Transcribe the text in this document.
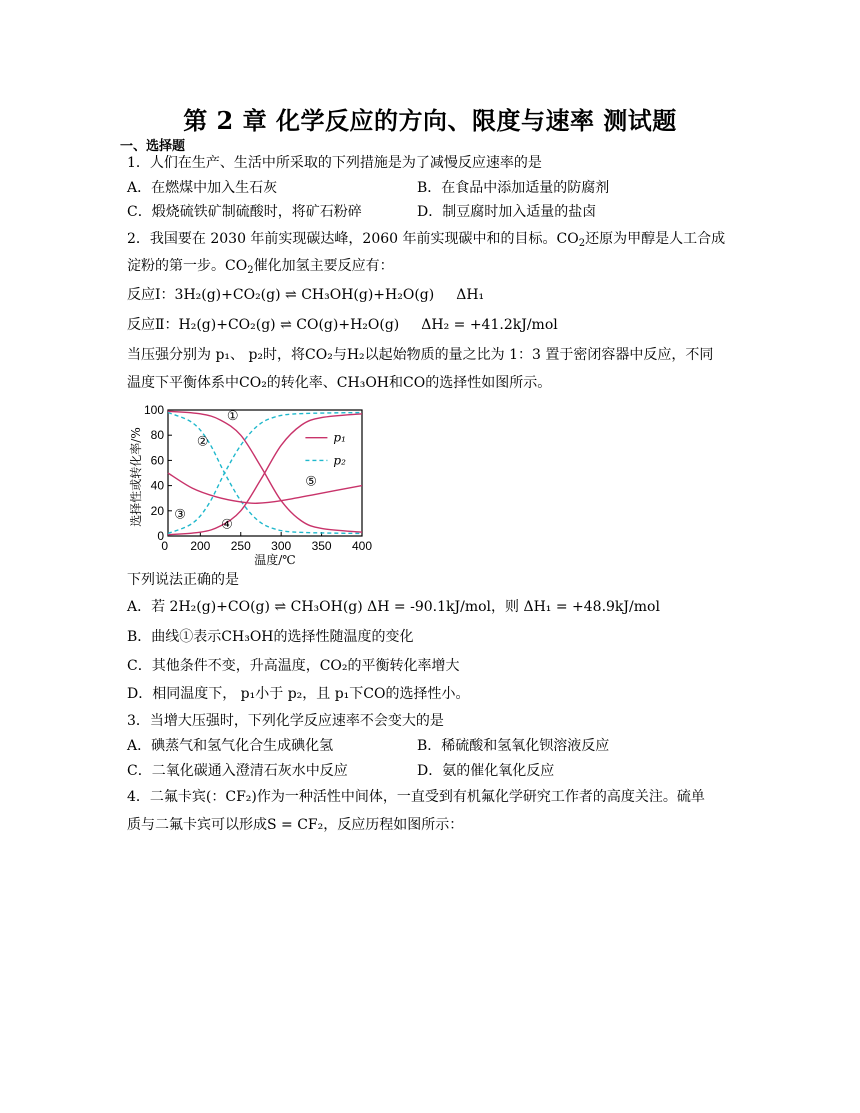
第 2 章 化学反应的方向、限度与速率 测试题
一、选择题
1．人们在生产、生活中所采取的下列措施是为了减慢反应速率的是
A．在燃煤中加入生石灰	B．在食品中添加适量的防腐剂
C．煅烧硫铁矿制硫酸时，将矿石粉碎	D．制豆腐时加入适量的盐卤
2．我国要在 2030 年前实现碳达峰，2060 年前实现碳中和的目标。$CO_2$还原为甲醇是人工合成
淀粉的第一步。$CO_2$催化加氢主要反应有：
反应Ⅰ：3H₂(g)+CO₂(g) ⇌ CH₃OH(g)+H₂O(g) ΔH₁
反应Ⅱ：H₂(g)+CO₂(g) ⇌ CO(g)+H₂O(g) ΔH₂ = +41.2kJ/mol
当压强分别为 p₁、 p₂时，将CO₂与H₂以起始物质的量之比为 1：3 置于密闭容器中反应，不同
温度下平衡体系中CO₂的转化率、CH₃OH和CO的选择性如图所示。
0
20
40
60
80
100
200 250 300 350 400
0
温度/℃
选择性或转化率/%
①
②
③
④
⑤
p₁
p₂
下列说法正确的是
A．若 2H₂(g)+CO(g) ⇌ CH₃OH(g) ΔH = -90.1kJ/mol，则 ΔH₁ = +48.9kJ/mol
B．曲线①表示CH₃OH的选择性随温度的变化
C．其他条件不变，升高温度，CO₂的平衡转化率增大
D．相同温度下， p₁小于 p₂，且 p₁下CO的选择性小。
3．当增大压强时，下列化学反应速率不会变大的是
A．碘蒸气和氢气化合生成碘化氢	B．稀硫酸和氢氧化钡溶液反应
C．二氧化碳通入澄清石灰水中反应	D．氨的催化氧化反应
4．二氟卡宾(：CF₂)作为一种活性中间体，一直受到有机氟化学研究工作者的高度关注。硫单
质与二氟卡宾可以形成S = CF₂，反应历程如图所示：
